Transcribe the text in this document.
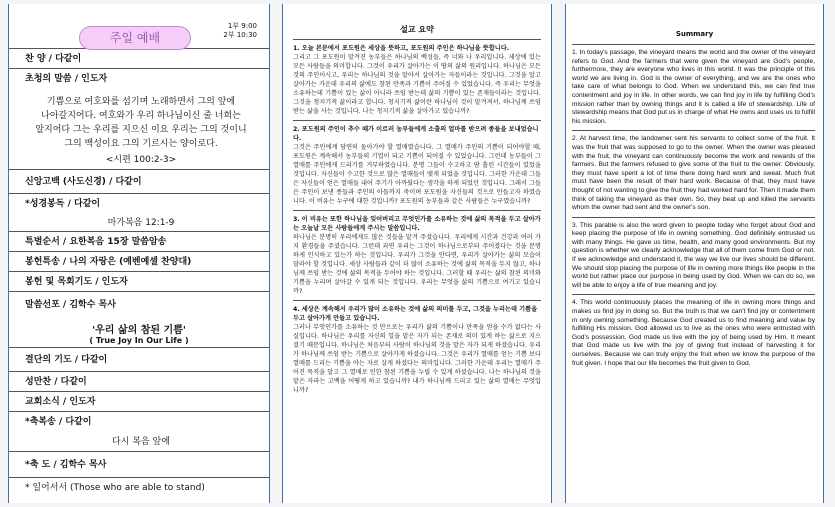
주일 예배
1부 9:00
2부 10:30
찬 양 / 다같이
초청의 말씀 / 인도자
기쁨으로 여호와를 섬기며 노래하면서 그의 앞에
나아갈지어다. 여호와가 우리 하나님이신 줄 너희는
알지어다 그는 우리를 지으신 이요 우리는 그의 것이니
그의 백성이요 그의 기르시는 양이로다.
<시편 100:2-3>
신앙고백 (사도신경) / 다같이
*성경봉독 / 다같이
마가복음 12:1-9
특별순서 / 요한복음 15장 말씀암송
봉헌특송 / 나의 자랑은 (예벤예셀 찬양대)
봉헌 및 목회기도 / 인도자
말씀선포 / 김학수 목사
'우리 삶의 참된 기쁨'
( True Joy In Our Life )
결단의 기도 / 다같이
성만찬 / 다같이
교회소식 / 인도자
*축복송 / 다같이
다시 복음 앞에
*축 도 / 김학수 목사
* 일어서서 (Those who are able to stand)
설교 요약
1. 오늘 본문에서 포도원은 세상을 뜻하고, 포도원의 주인은 하나님을 뜻합니다.
그리고 그 포도원이 맡겨진 농부들은 하나님의 백성들, 즉 너와 나 우리입니다. 세상에 있는 모든 사람들을 의미합니다. 그것이 우리가 살아가는 이 땅의 삶의 원리입니다. 하나님은 모든 것의 주인이시고, 우리는 하나님의 것을 맡아서 살아가는 자들이라는 것입니다. 그것을 알고 살아가는 가운데 우리의 삶에도 참된 만족과 기쁨이 주어질 수 있었습니다. 즉 우리는 무엇을 소유하는데 기쁨이 있는 삶이 아니라 쓰임 받는데 삶의 기쁨이 있는 존재들이라는 것입니다. 그것을 청지기적 삶이라고 합니다. 청지기적 삶이란 하나님이 것이 맡겨져서, 하나님께 쓰임 받는 삶을 사는 것입니다. 나는 청지기적 삶을 살아가고 있습니까?
2. 포도원의 주인이 추수 때가 이르러 농부들에게 소출의 얼마를 받으려 종들을 보내었습니다.
그것은 주인에게 당연히 돌아가야 할 열매였습니다. 그 열매가 주인의 기쁨이 되어야할 때, 포도원은 계속해서 농부들의 기업이 되고 기쁨이 되어질 수 있었습니다. 그런데 농부들이 그 열매를 주인에게 드리기를 거부하였습니다. 분명 그들이 수고하고 땀 흘린 시간들이 있었을 것입니다. 자신들이 수고한 것으로 많은 열매들이 맺게 되었을 것입니다. 그러한 가운데 그들은 자신들이 얻은 열매들 내어 주기가 아까웠다는 생각을 하게 되었던 것입니다. 그래서 그들은 주인이 보낸 종들과 주인의 아들까지 죽이며 포도원을 자신들의 것으로 만들고자 하였습니다. 이 비유는 누구에 대한 것입니까? 포도원의 농부들과 같은 사람들은 누구였습니까?
3. 이 비유는 또한 하나님을 잊어버리고 무엇인가를 소유하는 것에 삶의 목적을 두고 살아가는 오늘날 모든 사람들에게 주시는 말씀입니다.
하나님은 분명히 우리에게도 많은 것들을 맡겨 주셨습니다. 우리에게 시간과 건강과 여러 가지 환경들을 주셨습니다. 그런데 과연 우리는 그것이 하나님으로부터 주어졌다는 것을 분명하게 인식하고 있는가 하는 것입니다. 우리가 그것을 안다면, 우리가 살아가는 삶의 모습이 달라야 할 것입니다. 세상 사람들과 같이 더 많이 소유하는 것에 삶의 목적을 두지 않고, 하나님께 쓰임 받는 것에 삶의 목적을 두어야 하는 것입니다. 그러할 때 우리는 삶의 참된 의미와 기쁨을 누리며 살아갈 수 있게 되는 것입니다. 우리는 무엇을 삶의 기쁨으로 여기고 있습니까?
4. 세상은 계속해서 우리가 많이 소유하는 것에 삶의 의미를 두고, 그것을 누리는데 기쁨을 두고 살아가게 만들고 있습니다.
그러나 무엇인가를 소유하는 것 만으로는 우리가 삶의 기쁨이나 만족을 얻을 수가 없다는 사실입니다. 하나님은 우리를 자신의 일을 맡은 자가 되는 존재로 의미 있게 하는 삶으로 지으셨기 때문입니다. 하나님은 처음부터 사람이 하나님의 것을 맡은 자가 되게 하셨습니다. 우리가 하나님께 쓰임 받는 기쁨으로 살아가게 하셨습니다. 그것은 우리가 열매를 얻는 기쁨 보다 열매를 드리는 기쁨을 아는 자로 살게 하셨다는 의미입니다. 그러한 가운데 우리는 열매가 주어진 목적을 알고 그 열매로 인한 참된 기쁨을 누릴 수 있게 하셨습니다. 나는 하나님의 것을 맡은 자라는 고백을 어떻게 하고 있습니까? 내가 하나님께 드리고 있는 삶의 열매는 무엇입니까?
Summary
1. In today's passage, the vineyard means the world and the owner of the vineyard refers to God. And the farmers that were given the vineyard are God's people, furthermore, they are everyone who lives in this world. It was the principle of this world we are living in. God is the owner of everything, and we are the ones who take care of what belongs to God. When we understand this, we can find true contentment and joy in life. In other words, we can find joy in life by fulfilling God's mission rather than by owning things and it is called a life of stewardship. Life of stewardship means that God put us in charge of what He owns and uses us to fulfill his mission.
2. At harvest time, the landowner sent his servants to collect some of the fruit. It was the fruit that was supposed to go to the owner. When the owner was pleased with the fruit, the vineyard can continuously become the work and rewards of the farmers. But the farmers refused to give some of the fruit to the owner. Obviously, they must have spent a lot of time there doing hard work and sweat. Much fruit must have been the result of their hard work. Because of that, they must have thought of not wanting to give the fruit they had worked hard for. Then it made them think of taking the vineyard as their own. So, they beat up and killed the servants whom the owner had sent and the owner's son.
3. This parable is also the word given to people today who forget about God and keep placing the purpose of life in owning something. God definitely entrusted us with many things. He gave us time, health, and many good environments. But my question is whether we clearly acknowledge that all of them come from God or not. If we acknowledge and understand it, the way we live our lives should be different. We should stop placing the purpose of life in owning more things like people in the world but rather place our purpose in being used by God. When we can do so, we will be able to enjoy a life of true meaning and joy.
4. This world continuously places the meaning of life in owning more things and makes us find joy in doing so. But the truth is that we can't find joy or contentment in only owning something. Because God created us to find meaning and value by fulfilling His mission. God allowed us to live as the ones who were entrusted with God's possession. God made us live with the joy of being used by Him. It meant that God made us live with the joy of giving fruit instead of harvesting it for ourselves. Because we can truly enjoy the fruit when we know the purpose of the fruit given. I hope that our life becomes the fruit given to God.
